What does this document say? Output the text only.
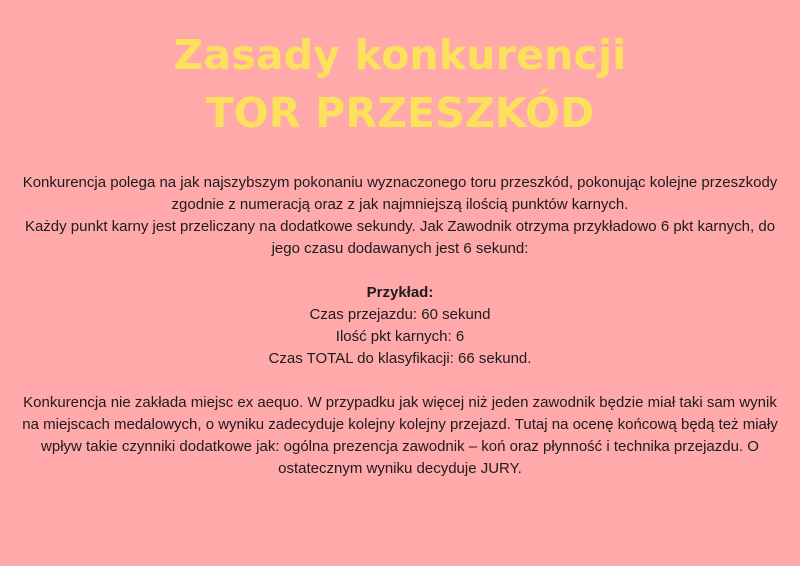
Zasady konkurencji
TOR PRZESZKÓD

Konkurencja polega na jak najszybszym pokonaniu wyznaczonego toru przeszkód, pokonując kolejne przeszkody zgodnie z numeracją oraz z jak najmniejszą ilością punktów karnych.

Każdy punkt karny jest przeliczany na dodatkowe sekundy. Jak Zawodnik otrzyma przykładowo 6 pkt karnych, do jego czasu dodawanych jest 6 sekund:

Przykład:

Czas przejazdu: 60 sekund

Ilość pkt karnych: 6

Czas TOTAL do klasyfikacji: 66 sekund.

Konkurencja nie zakłada miejsc ex aequo. W przypadku jak więcej niż jeden zawodnik będzie miał taki sam wynik na miejscach medalowych, o wyniku zadecyduje kolejny kolejny przejazd. Tutaj na ocenę końcową będą też miały wpływ takie czynniki dodatkowe jak: ogólna prezencja zawodnik – koń oraz płynność i technika przejazdu. O ostatecznym wyniku decyduje JURY.
